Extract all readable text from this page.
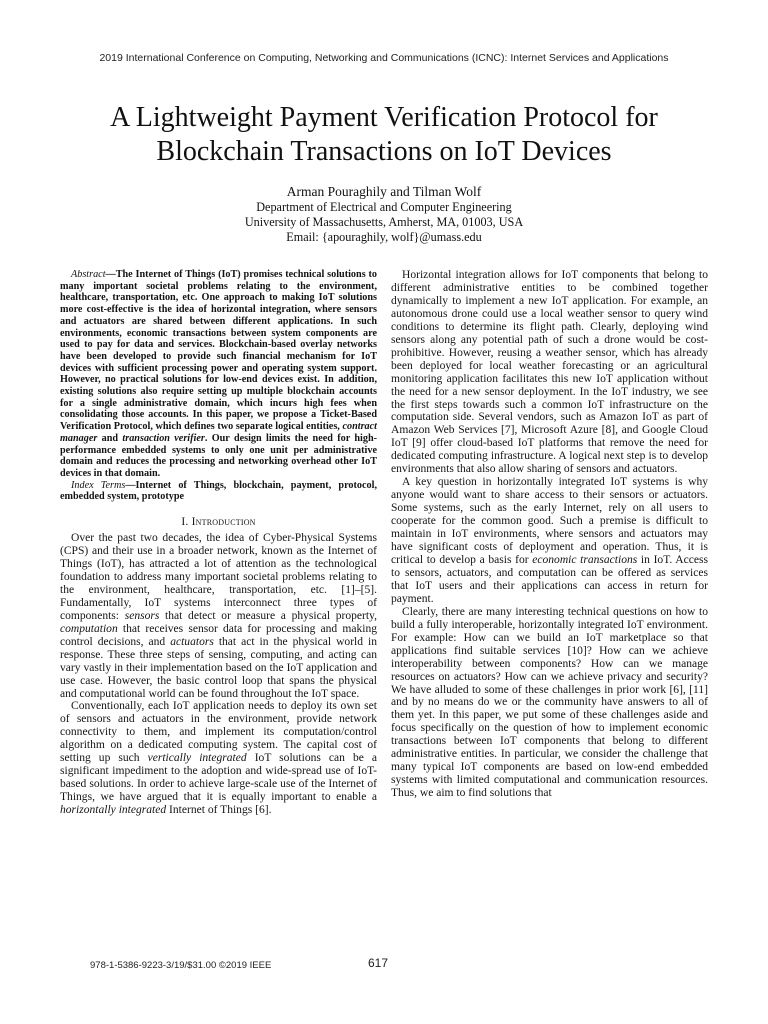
2019 International Conference on Computing, Networking and Communications (ICNC): Internet Services and Applications
A Lightweight Payment Verification Protocol for
Blockchain Transactions on IoT Devices
Arman Pouraghily and Tilman Wolf
Department of Electrical and Computer Engineering
University of Massachusetts, Amherst, MA, 01003, USA
Email: {apouraghily, wolf}@umass.edu

Abstract—The Internet of Things (IoT) promises technical solutions to many important societal problems relating to the environment, healthcare, transportation, etc. One approach to making IoT solutions more cost-effective is the idea of horizontal integration, where sensors and actuators are shared between different applications. In such environments, economic transactions between system components are used to pay for data and services. Blockchain-based overlay networks have been developed to provide such financial mechanism for IoT devices with sufficient processing power and operating system support. However, no practical solutions for low-end devices exist. In addition, existing solutions also require setting up multiple blockchain accounts for a single administrative domain, which incurs high fees when consolidating those accounts. In this paper, we propose a Ticket-Based Verification Protocol, which defines two separate logical entities, contract manager and transaction verifier. Our design limits the need for high-performance embedded systems to only one unit per administrative domain and reduces the processing and networking overhead other IoT devices in that domain.

Index Terms—Internet of Things, blockchain, payment, protocol, embedded system, prototype

I. Introduction

Over the past two decades, the idea of Cyber-Physical Systems (CPS) and their use in a broader network, known as the Internet of Things (IoT), has attracted a lot of attention as the technological foundation to address many important societal problems relating to the environment, healthcare, transportation, etc. [1]–[5]. Fundamentally, IoT systems interconnect three types of components: sensors that detect or measure a physical property, computation that receives sensor data for processing and making control decisions, and actuators that act in the physical world in response. These three steps of sensing, computing, and acting can vary vastly in their implementation based on the IoT application and use case. However, the basic control loop that spans the physical and computational world can be found throughout the IoT space.

Conventionally, each IoT application needs to deploy its own set of sensors and actuators in the environment, provide network connectivity to them, and implement its computation/control algorithm on a dedicated computing system. The capital cost of setting up such vertically integrated IoT solutions can be a significant impediment to the adoption and wide-spread use of IoT-based solutions. In order to achieve large-scale use of the Internet of Things, we have argued that it is equally important to enable a horizontally integrated Internet of Things [6].

Horizontal integration allows for IoT components that belong to different administrative entities to be combined together dynamically to implement a new IoT application. For example, an autonomous drone could use a local weather sensor to query wind conditions to determine its flight path. Clearly, deploying wind sensors along any potential path of such a drone would be cost-prohibitive. However, reusing a weather sensor, which has already been deployed for local weather forecasting or an agricultural monitoring application facilitates this new IoT application without the need for a new sensor deployment. In the IoT industry, we see the first steps towards such a common IoT infrastructure on the computation side. Several vendors, such as Amazon IoT as part of Amazon Web Services [7], Microsoft Azure [8], and Google Cloud IoT [9] offer cloud-based IoT platforms that remove the need for dedicated computing infrastructure. A logical next step is to develop environments that also allow sharing of sensors and actuators.

A key question in horizontally integrated IoT systems is why anyone would want to share access to their sensors or actuators. Some systems, such as the early Internet, rely on all users to cooperate for the common good. Such a premise is difficult to maintain in IoT environments, where sensors and actuators may have significant costs of deployment and operation. Thus, it is critical to develop a basis for economic transactions in IoT. Access to sensors, actuators, and computation can be offered as services that IoT users and their applications can access in return for payment.

Clearly, there are many interesting technical questions on how to build a fully interoperable, horizontally integrated IoT environment. For example: How can we build an IoT marketplace so that applications find suitable services [10]? How can we achieve interoperability between components? How can we manage resources on actuators? How can we achieve privacy and security? We have alluded to some of these challenges in prior work [6], [11] and by no means do we or the community have answers to all of them yet. In this paper, we put some of these challenges aside and focus specifically on the question of how to implement economic transactions between IoT components that belong to different administrative entities. In particular, we consider the challenge that many typical IoT components are based on low-end embedded systems with limited computational and communication resources. Thus, we aim to find solutions that

978-1-5386-9223-3/19/$31.00 ©2019 IEEE	617
